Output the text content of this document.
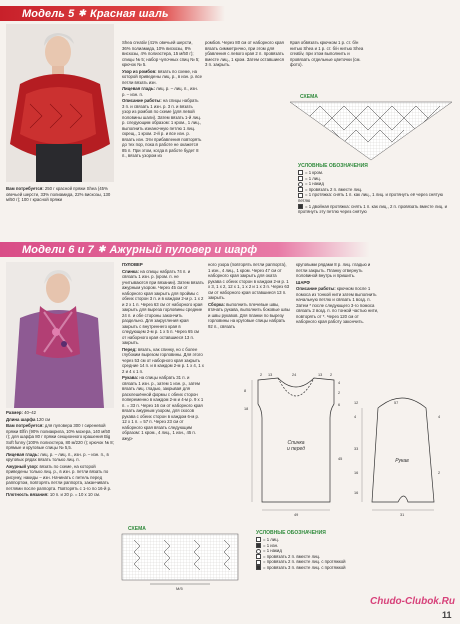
Модель 5 ✱ Красная шаль

Вам потребуется: 250 г красной пряжи Shea (45% овечьей шерсти, 33% полиамида, 22% вискозы, 130 м/50 г); 100 г красной пряжи

Shea creatiiv (41% овечьей шерсти, 36% полиамида, 10% вискозы, 8% вискозы, 4% полиэстера, 15 м/50 г); спицы № 5; набор чулочных спиц № 5; крючок № 5.

Узор из ромбов: вязать по схеме, на которой приведены лиц. р., в изн. р. все петли вязать изн.

Лицевая гладь: лиц. р. – лиц. п., изн. р. – изн. п.

Описание работы: на спицы набрать 3 п. и связать 1 изн. р. 3 п. и вязать узор из ромбов по схеме (для левой половины шали). Затем вязать 1-й лиц. р. следующим образом: 1 кром., 1 лиц., выполнить изнаночную петлю 1 лиц. скрещ., 1 кром. 2-й р. и все изн. р. вязать изн. Эти прибавления повторять до тех пор, пока в работе не окажется 85 п. При этом, когда в работе будет 8 п., вязать узором из

ромбов. Через 80 см от наборного края вязать симметрично, при этом для убавления с левого края 2 п. провязать вместе лиц., 1 кром. Затем оставшиеся 3 п. закрыть.

Края обвязать крючком 1 р. ст. б/н нитью Shea и 1 р. ст. б/н нитью Shea creatiiv, при этом выполнить и провязать отдельные цветочки (см. фото).

СХЕМА
УСЛОВНЫЕ ОБОЗНАЧЕНИЯ
= 1 кром.
= 1 лиц.
= 1 накид
= провязать 2 п. вместе лиц.
= 1 протяжка: снять 1 п. как лиц., 1 лиц. и протянуть её через снятую петлю
= 1 двойная протяжка: снять 1 п. как лиц., 2 п. провязать вместе лиц. и протянуть эту петлю через снятую
Модели 6 и 7 ✱ Ажурный пуловер и шарф

Размер: 40–42

Длина шарфа 120 см

Вам потребуется: для пуловера 300 г сиреневой пряжи Elfin (90% полиакрила, 10% мохера, 140 м/50 г); для шарфа 80 г пряжи секционного крашения Big Soft funny (100% полиэстера, 80 м/220 г); крючок № 8; прямые и круговые спицы № 5,5.

Лицевая гладь: лиц. р. – лиц. п., изн. р. – изн. п., в круговых рядах вязать только лиц. п.

Ажурный узор: вязать по схеме, на которой приведены только лиц. р., в изн. р. петли вязать по рисунку, накиды – изн. Начинать с петель перед раппортом, повторять петли раппорта, заканчивать петлями после раппорта. Повторять с 1-го по 16-й р.

Плотность вязания: 10 п. и 20 р. = 10 х 10 см.

ПУЛОВЕР

Спинка: на спицы набрать 74 п. и связать 1 изн. р. (кром. п. не учитываются при вязании). Затем вязать ажурным узором. Через 45 см от наборного края закрыть для проймы с обеих сторон 3 п. и в каждом 2-м р. 1 х 2 и 2 х 1 п. Через 63 см от наборного края закрыть для выреза горловины средние 24 п. и обе стороны закончить раздельно. Для закругления края закрыть с внутреннего края в следующем 2-м р. 1 х 5 п. Через 65 см от наборного края оставшиеся 13 п. закрыть.

Перед: вязать, как спинку, но с более глубоким вырезом горловины. Для этого через 53 см от наборного края закрыть средние 14 п. и в каждом 2-м р. 1 х 4, 1 х 2 и 4 х 1 п.

Рукава: на спицы набрать 31 п. и связать 1 изн. р., затем 1 изн. р., затем вязать лиц. гладью, закрывая для расклешённой формы с обеих сторон попеременно в каждом 2-м и 4-м р. 9 х 1 п. = 33 п. Через 16 см от наборного края вязать ажурным узором, для скосов рукава с обеих сторон в каждом 6-м р. 12 х 1 п. = 57 п. Через 23 см от наборного края вязать следующим образом: 1 кром., 4 лиц., 1 изн., 45 п. ажур-

ного узора (повторять петли раппорта), 1 изн., 4 лиц., 1 кром. Через 47 см от наборного края закрыть для оката рукава с обеих сторон в каждом 2-м р. 1 х 3, 1 х 2, 12 х 1, 1 х 2 и 1 х 3 п. Через 63 см от наборного края оставшиеся 13 п. закрыть.

Сборка: выполнить плечевые швы, втачать рукава, выполнить боковые швы и швы рукавов. Для планки по вырезу горловины на круговые спицы набрать 92 п., связать

круговыми рядами 8 р. лиц. гладью и петли закрыть. Планку отвернуть половиной внутрь и пришить.

ШАРФ

Описание работы: крючком после 1 помоса из тонкой нити затем выполнить начальную петлю и связать 1 возд. п. Затем * после следующего 3-го помоса связать 2 возд. п. по тонкой частью нити, повторять от *. Через 120 см от наборного края работу закончить.

Спинка и перед
Рукав
2 13	24	13 2
4
2
6
45
8
18
12
4	4
33
16	2
16
31
57
49
СХЕМА
М/5
УСЛОВНЫЕ ОБОЗНАЧЕНИЯ
= 1 лиц.
= 1 изн.
= 1 накид
= провязать 2 п. вместе лиц.
= провязать 2 п. вместе лиц. с протяжкой
= провязать 3 п. вместе лиц. с протяжкой
Chudo-Clubok.Ru
11
